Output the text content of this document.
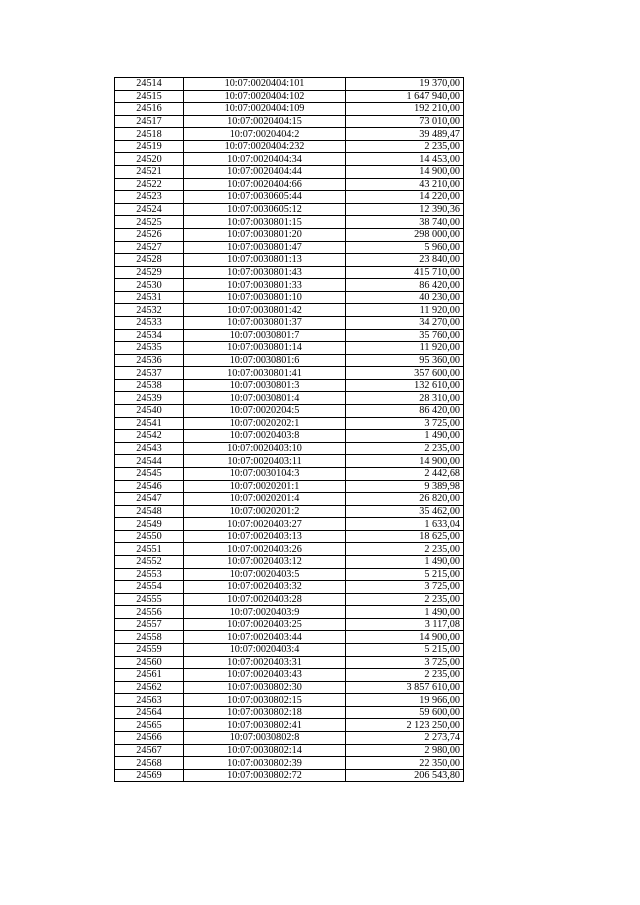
24514	10:07:0020404:101	19 370,00
24515	10:07:0020404:102	1 647 940,00
24516	10:07:0020404:109	192 210,00
24517	10:07:0020404:15	73 010,00
24518	10:07:0020404:2	39 489,47
24519	10:07:0020404:232	2 235,00
24520	10:07:0020404:34	14 453,00
24521	10:07:0020404:44	14 900,00
24522	10:07:0020404:66	43 210,00
24523	10:07:0030605:44	14 220,00
24524	10:07:0030605:12	12 390,36
24525	10:07:0030801:15	38 740,00
24526	10:07:0030801:20	298 000,00
24527	10:07:0030801:47	5 960,00
24528	10:07:0030801:13	23 840,00
24529	10:07:0030801:43	415 710,00
24530	10:07:0030801:33	86 420,00
24531	10:07:0030801:10	40 230,00
24532	10:07:0030801:42	11 920,00
24533	10:07:0030801:37	34 270,00
24534	10:07:0030801:7	35 760,00
24535	10:07:0030801:14	11 920,00
24536	10:07:0030801:6	95 360,00
24537	10:07:0030801:41	357 600,00
24538	10:07:0030801:3	132 610,00
24539	10:07:0030801:4	28 310,00
24540	10:07:0020204:5	86 420,00
24541	10:07:0020202:1	3 725,00
24542	10:07:0020403:8	1 490,00
24543	10:07:0020403:10	2 235,00
24544	10:07:0020403:11	14 900,00
24545	10:07:0030104:3	2 442,68
24546	10:07:0020201:1	9 389,98
24547	10:07:0020201:4	26 820,00
24548	10:07:0020201:2	35 462,00
24549	10:07:0020403:27	1 633,04
24550	10:07:0020403:13	18 625,00
24551	10:07:0020403:26	2 235,00
24552	10:07:0020403:12	1 490,00
24553	10:07:0020403:5	5 215,00
24554	10:07:0020403:32	3 725,00
24555	10:07:0020403:28	2 235,00
24556	10:07:0020403:9	1 490,00
24557	10:07:0020403:25	3 117,08
24558	10:07:0020403:44	14 900,00
24559	10:07:0020403:4	5 215,00
24560	10:07:0020403:31	3 725,00
24561	10:07:0020403:43	2 235,00
24562	10:07:0030802:30	3 857 610,00
24563	10:07:0030802:15	19 966,00
24564	10:07:0030802:18	59 600,00
24565	10:07:0030802:41	2 123 250,00
24566	10:07:0030802:8	2 273,74
24567	10:07:0030802:14	2 980,00
24568	10:07:0030802:39	22 350,00
24569	10:07:0030802:72	206 543,80
